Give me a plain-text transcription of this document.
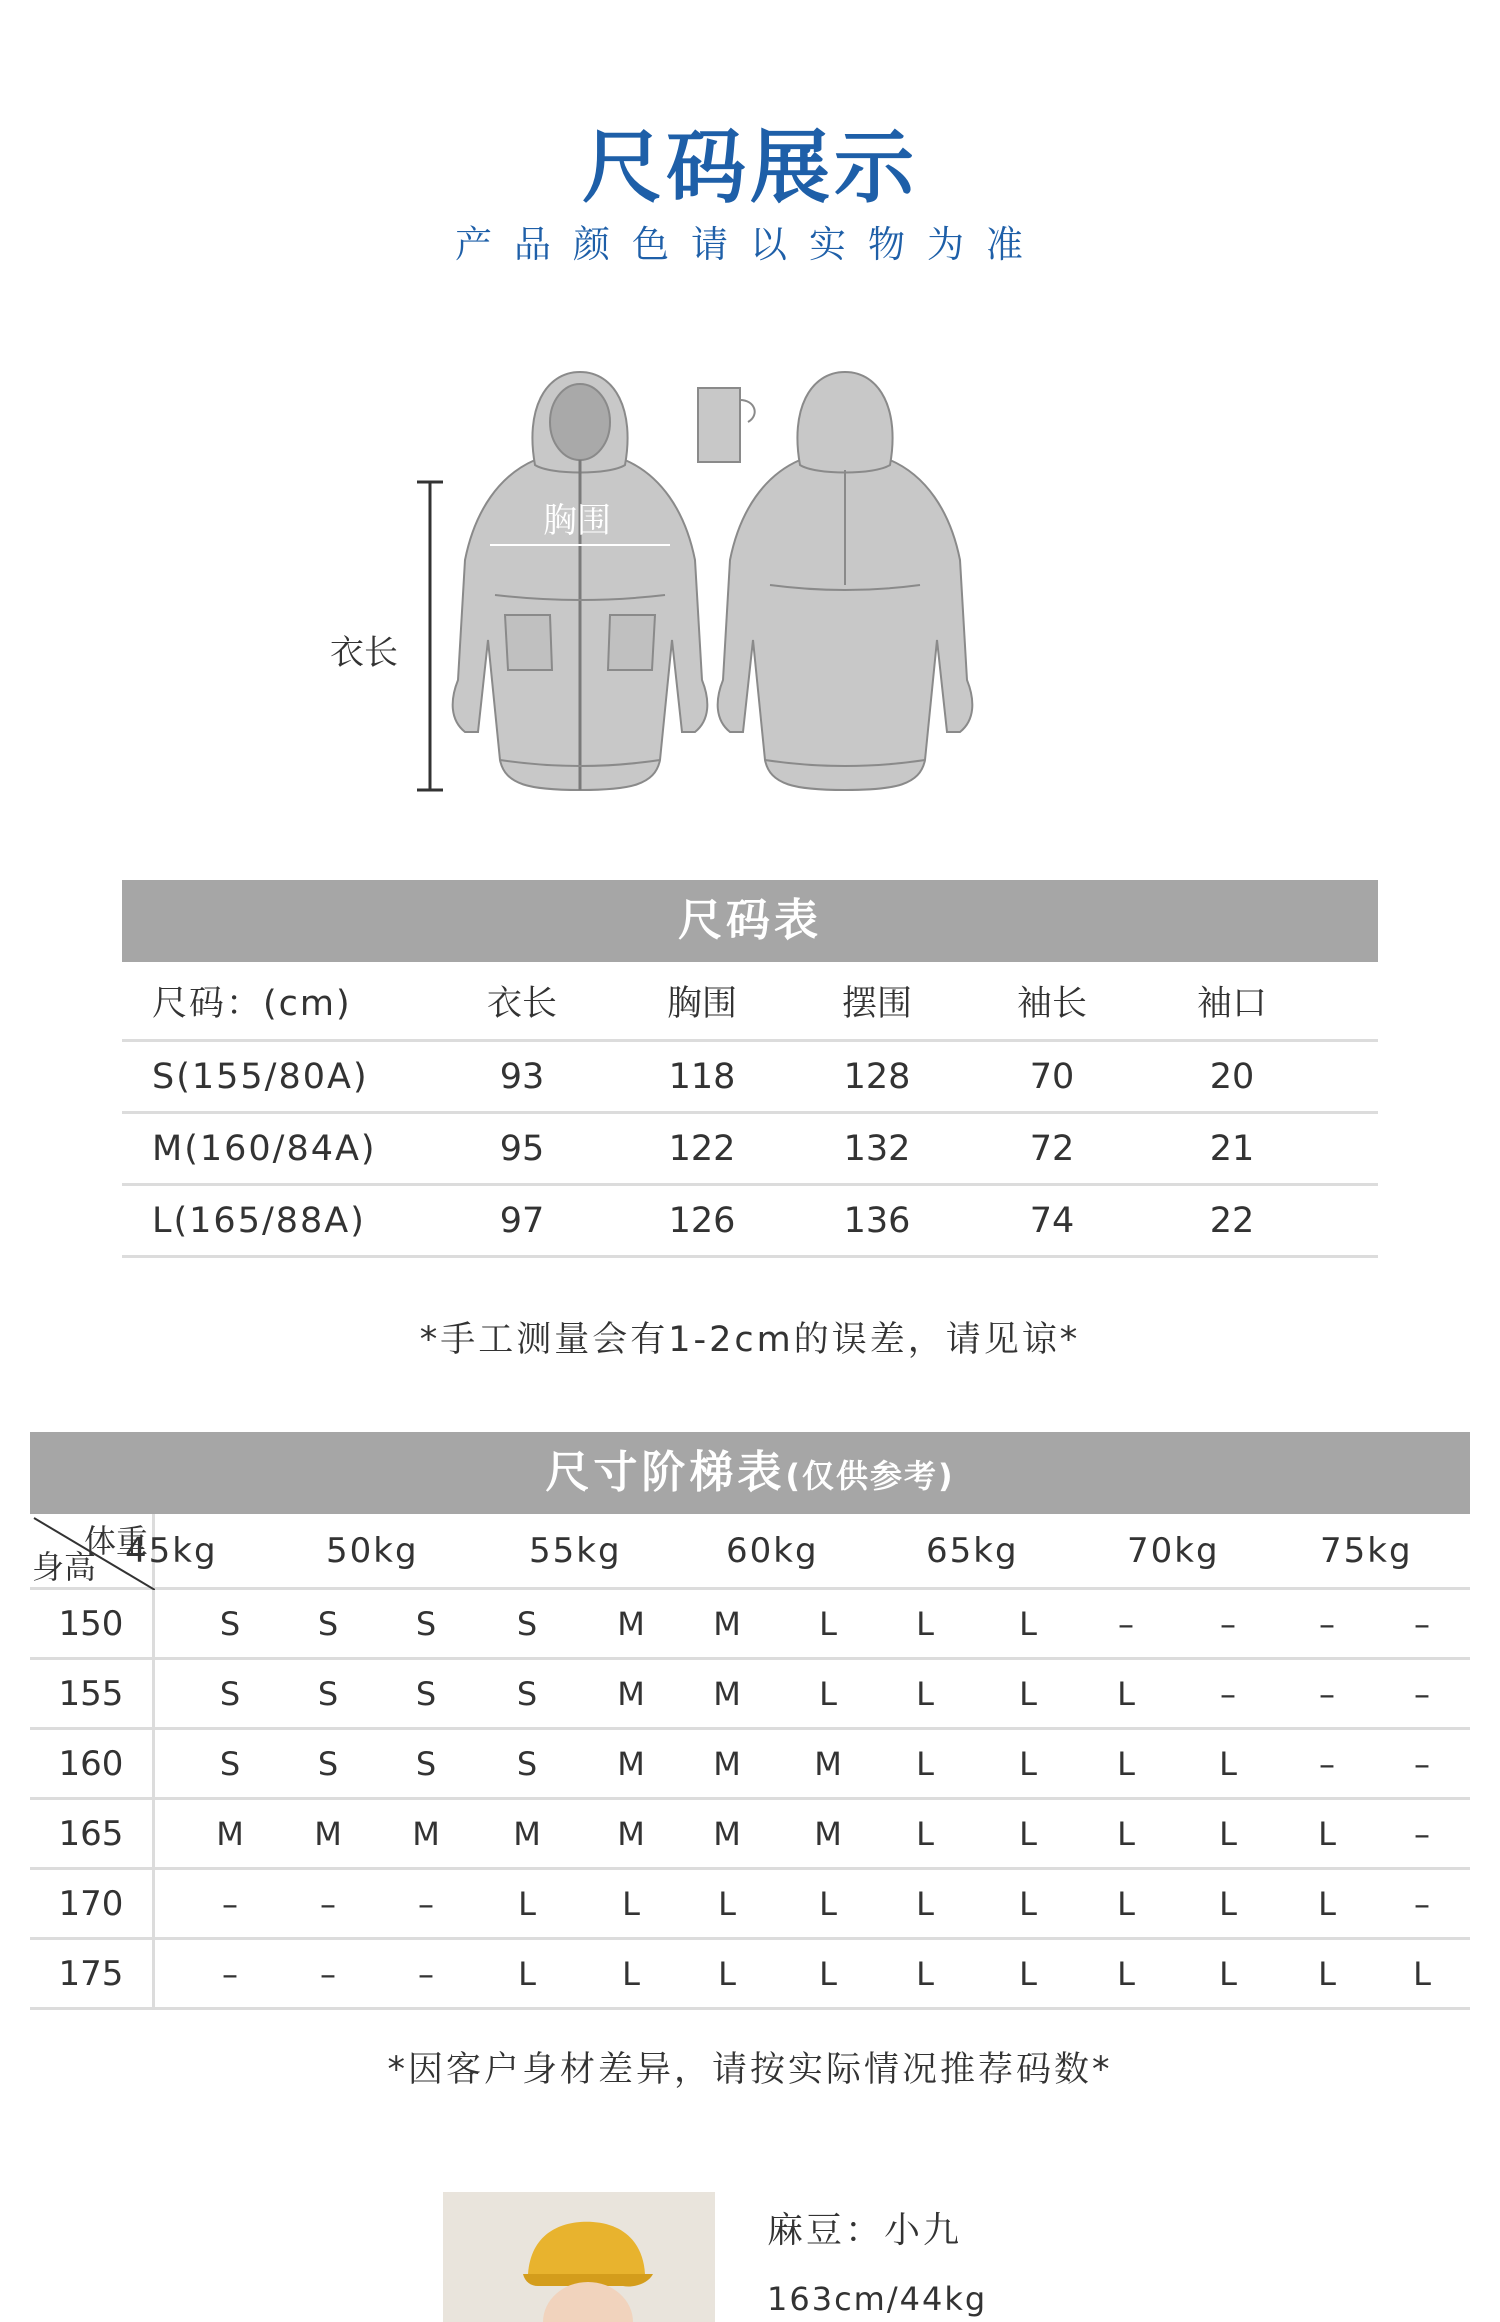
尺码展示
产品颜色请以实物为准
衣长
胸围
尺码表
尺码：(cm)	衣长	胸围	摆围	袖长	袖口
S(155/80A)	93	118	128	70	20
M(160/84A)	95	122	132	72	21
L(165/88A)	97	126	136	74	22
*手工测量会有1-2cm的误差，请见谅*
尺寸阶梯表(仅供参考)
体重
身高 45kg	50kg	55kg	60kg	65kg	70kg	75kg
150	S	S	S	S	M	M	L	L	L	–	–	–	–
155	S	S	S	S	M	M	L	L	L	L	–	–	–
160	S	S	S	S	M	M	M	L	L	L	L	–	–
165	M	M	M	M	M	M	M	L	L	L	L	L	–
170	–	–	–	L	L	L	L	L	L	L	L	L	–
175	–	–	–	L	L	L	L	L	L	L	L	L	L
*因客户身材差异，请按实际情况推荐码数*
麻豆：小九
163cm/44kg
